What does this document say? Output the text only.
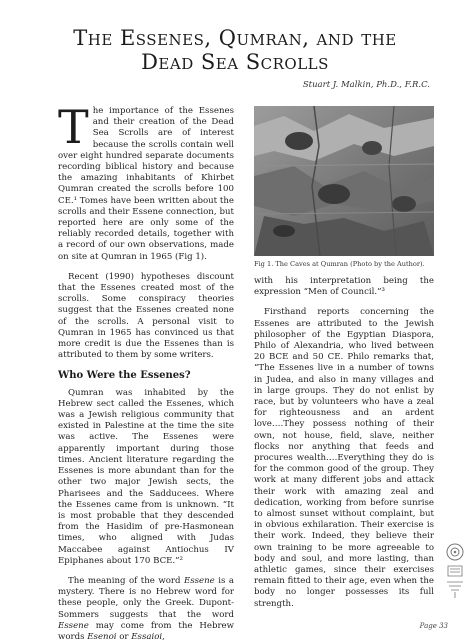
The Essenes, Qumran, and the
Dead Sea Scrolls
Stuart J. Malkin, Ph.D., F.R.C.

The importance of the Essenes and their creation of the Dead Sea Scrolls are of interest because the scrolls contain well over eight hundred separate documents recording biblical history and because the amazing inhabitants of Khirbet Qumran created the scrolls before 100 CE.¹ Tomes have been written about the scrolls and their Essene connection, but reported here are only some of the reliably recorded details, together with a record of our own observations, made on site at Qumran in 1965 (Fig 1).

Recent (1990) hypotheses discount that the Essenes created most of the scrolls. Some conspiracy theories suggest that the Essenes created none of the scrolls. A personal visit to Qumran in 1965 has convinced us that more credit is due the Essenes than is attributed to them by some writers.

Who Were the Essenes?

Qumran was inhabited by the Hebrew sect called the Essenes, which was a Jewish religious community that existed in Palestine at the time the site was active. The Essenes were apparently important during those times. Ancient literature regarding the Essenes is more abundant than for the other two major Jewish sects, the Pharisees and the Sadducees. Where the Essenes came from is unknown. “It is most probable that they descended from the Hasidim of pre-Hasmonean times, who aligned with Judas Maccabee against Antiochus IV Epiphanes about 170 BCE.”²

The meaning of the word Essene is a mystery. There is no Hebrew word for these people, only the Greek. Dupont-Sommers suggests that the word Essene may come from the Hebrew words Esenoi or Essaioi,

Fig 1. The Caves at Qumran (Photo by the Author).

with his interpretation being the expression “Men of Council.”³

Firsthand reports concerning the Essenes are attributed to the Jewish philosopher of the Egyptian Diaspora, Philo of Alexandria, who lived between 20 BCE and 50 CE. Philo remarks that, “The Essenes live in a number of towns in Judea, and also in many villages and in large groups. They do not enlist by race, but by volunteers who have a zeal for righteousness and an ardent love….They possess nothing of their own, not house, field, slave, neither flocks nor anything that feeds and procures wealth….Everything they do is for the common good of the group. They work at many different jobs and attack their work with amazing zeal and dedication, working from before sunrise to almost sunset without complaint, but in obvious exhilaration. Their exercise is their work. Indeed, they believe their own training to be more agreeable to body and soul, and more lasting, than athletic games, since their exercises remain fitted to their age, even when the body no longer possesses its full strength.

Page 33
